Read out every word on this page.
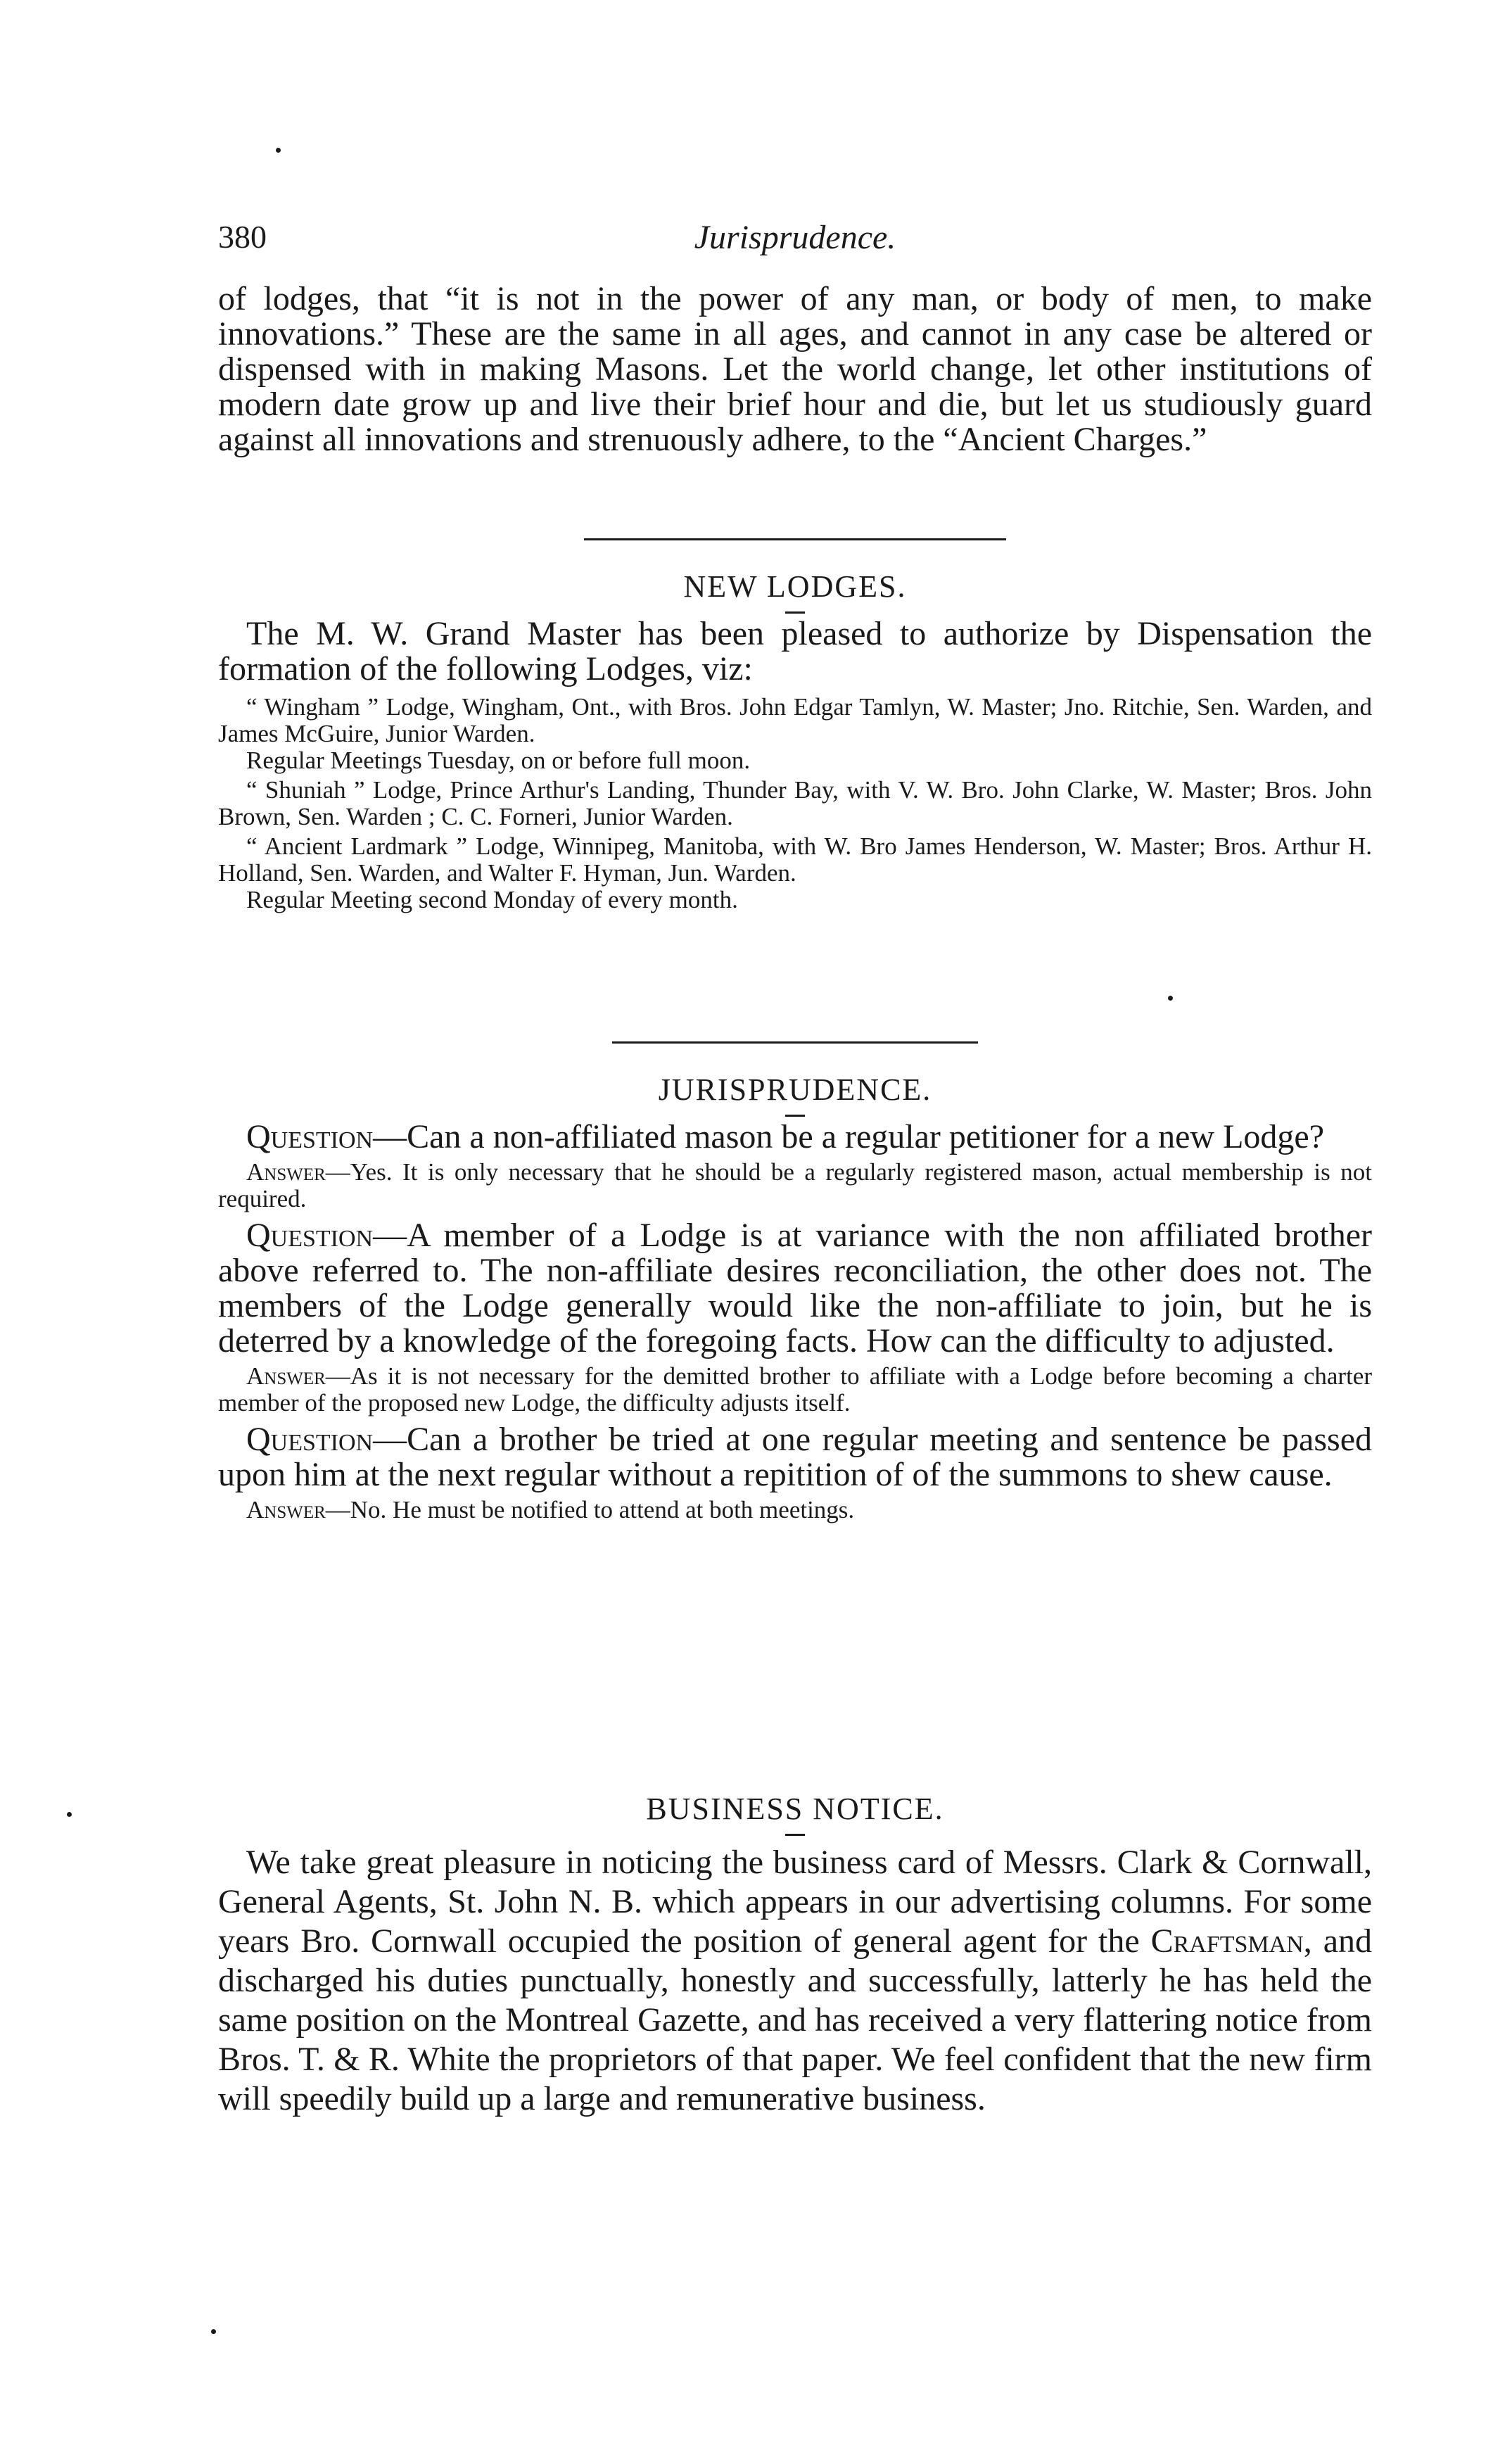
380	Jurisprudence.

of lodges, that “it is not in the power of any man, or body of men, to make innovations.” These are the same in all ages, and cannot in any case be altered or dispensed with in making Masons. Let the world change, let other institutions of modern date grow up and live their brief hour and die, but let us studiously guard against all innovations and strenuously adhere, to the “Ancient Charges.”

NEW LODGES.

The M. W. Grand Master has been pleased to authorize by Dispensation the formation of the following Lodges, viz:

“ Wingham ” Lodge, Wingham, Ont., with Bros. John Edgar Tamlyn, W. Master; Jno. Ritchie, Sen. Warden, and James McGuire, Junior Warden.

Regular Meetings Tuesday, on or before full moon.

“ Shuniah ” Lodge, Prince Arthur's Landing, Thunder Bay, with V. W. Bro. John Clarke, W. Master; Bros. John Brown, Sen. Warden ; C. C. Forneri, Junior Warden.

“ Ancient Lardmark ” Lodge, Winnipeg, Manitoba, with W. Bro James Henderson, W. Master; Bros. Arthur H. Holland, Sen. Warden, and Walter F. Hyman, Jun. Warden.

Regular Meeting second Monday of every month.

JURISPRUDENCE.

Question—Can a non-affiliated mason be a regular petitioner for a new Lodge?

Answer—Yes. It is only necessary that he should be a regularly registered mason, actual membership is not required.

Question—A member of a Lodge is at variance with the non affiliated brother above referred to. The non-affiliate desires reconciliation, the other does not. The members of the Lodge generally would like the non-affiliate to join, but he is deterred by a knowledge of the foregoing facts. How can the difficulty to adjusted.

Answer—As it is not necessary for the demitted brother to affiliate with a Lodge before becoming a charter member of the proposed new Lodge, the difficulty adjusts itself.

Question—Can a brother be tried at one regular meeting and sentence be passed upon him at the next regular without a repitition of of the summons to shew cause.

Answer—No. He must be notified to attend at both meetings.

BUSINESS NOTICE.

We take great pleasure in noticing the business card of Messrs. Clark & Cornwall, General Agents, St. John N. B. which appears in our advertising columns. For some years Bro. Cornwall occupied the position of general agent for the Craftsman, and discharged his duties punctually, honestly and successfully, latterly he has held the same position on the Montreal Gazette, and has received a very flattering notice from Bros. T. & R. White the proprietors of that paper. We feel confident that the new firm will speedily build up a large and remunerative business.
